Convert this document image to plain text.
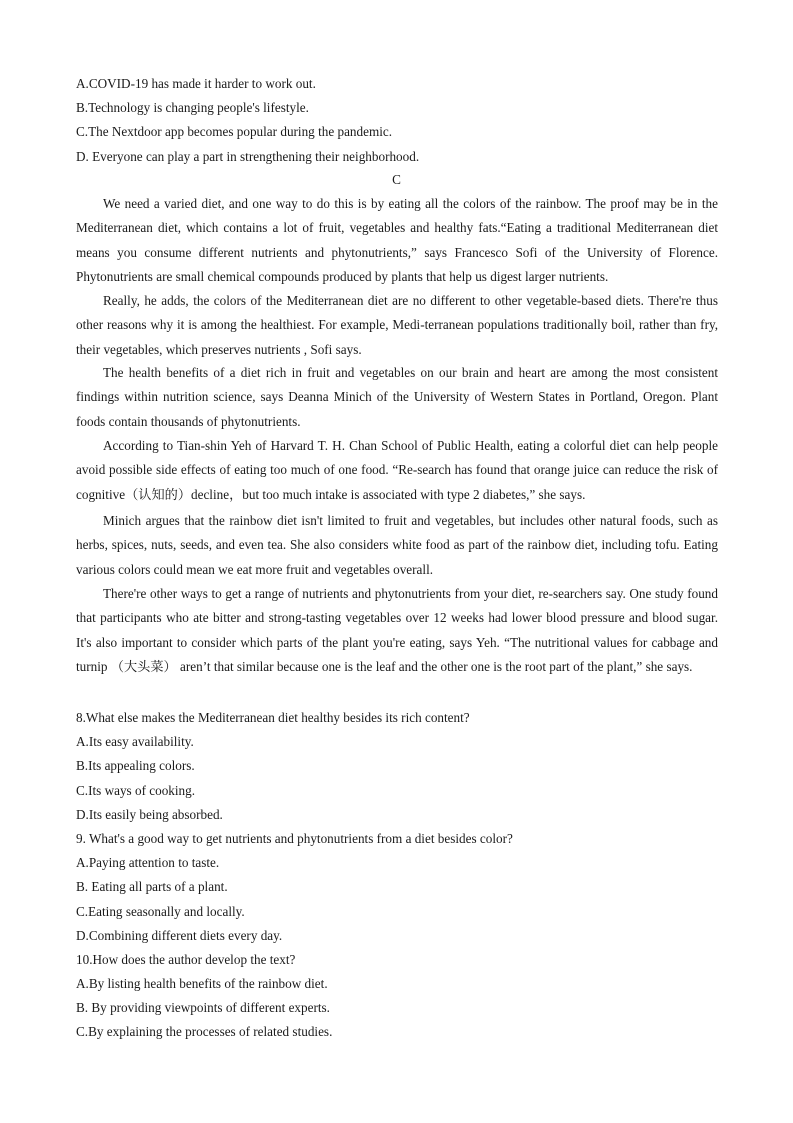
A.COVID-19 has made it harder to work out.
B.Technology is changing people's lifestyle.
C.The Nextdoor app becomes popular during the pandemic.
D. Everyone can play a part in strengthening their neighborhood.
C

We need a varied diet, and one way to do this is by eating all the colors of the rainbow. The proof may be in the Mediterranean diet, which contains a lot of fruit, vegetables and healthy fats.“Eating a traditional Mediterranean diet means you consume different nutrients and phytonutrients,” says Francesco Sofi of the University of Florence. Phytonutrients are small chemical compounds produced by plants that help us digest larger nutrients.

Really, he adds, the colors of the Mediterranean diet are no different to other vegetable-based diets. There're thus other reasons why it is among the healthiest. For example, Medi-terranean populations traditionally boil, rather than fry, their vegetables, which preserves nutrients , Sofi says.

The health benefits of a diet rich in fruit and vegetables on our brain and heart are among the most consistent findings within nutrition science, says Deanna Minich of the University of Western States in Portland, Oregon. Plant foods contain thousands of phytonutrients.

According to Tian-shin Yeh of Harvard T. H. Chan School of Public Health, eating a colorful diet can help people avoid possible side effects of eating too much of one food. “Re-search has found that orange juice can reduce the risk of cognitive（认知的）decline，but too much intake is associated with type 2 diabetes,” she says.

Minich argues that the rainbow diet isn't limited to fruit and vegetables, but includes other natural foods, such as herbs, spices, nuts, seeds, and even tea. She also considers white food as part of the rainbow diet, including tofu. Eating various colors could mean we eat more fruit and vegetables overall.

There're other ways to get a range of nutrients and phytonutrients from your diet, re-searchers say. One study found that participants who ate bitter and strong-tasting vegetables over 12 weeks had lower blood pressure and blood sugar. It's also important to consider which parts of the plant you're eating, says Yeh. “The nutritional values for cabbage and turnip （大头菜） aren’t that similar because one is the leaf and the other one is the root part of the plant,” she says.

8.What else makes the Mediterranean diet healthy besides its rich content?
A.Its easy availability.
B.Its appealing colors.
C.Its ways of cooking.
D.Its easily being absorbed.
9. What's a good way to get nutrients and phytonutrients from a diet besides color?
A.Paying attention to taste.
B. Eating all parts of a plant.
C.Eating seasonally and locally.
D.Combining different diets every day.
10.How does the author develop the text?
A.By listing health benefits of the rainbow diet.
B. By providing viewpoints of different experts.
C.By explaining the processes of related studies.
